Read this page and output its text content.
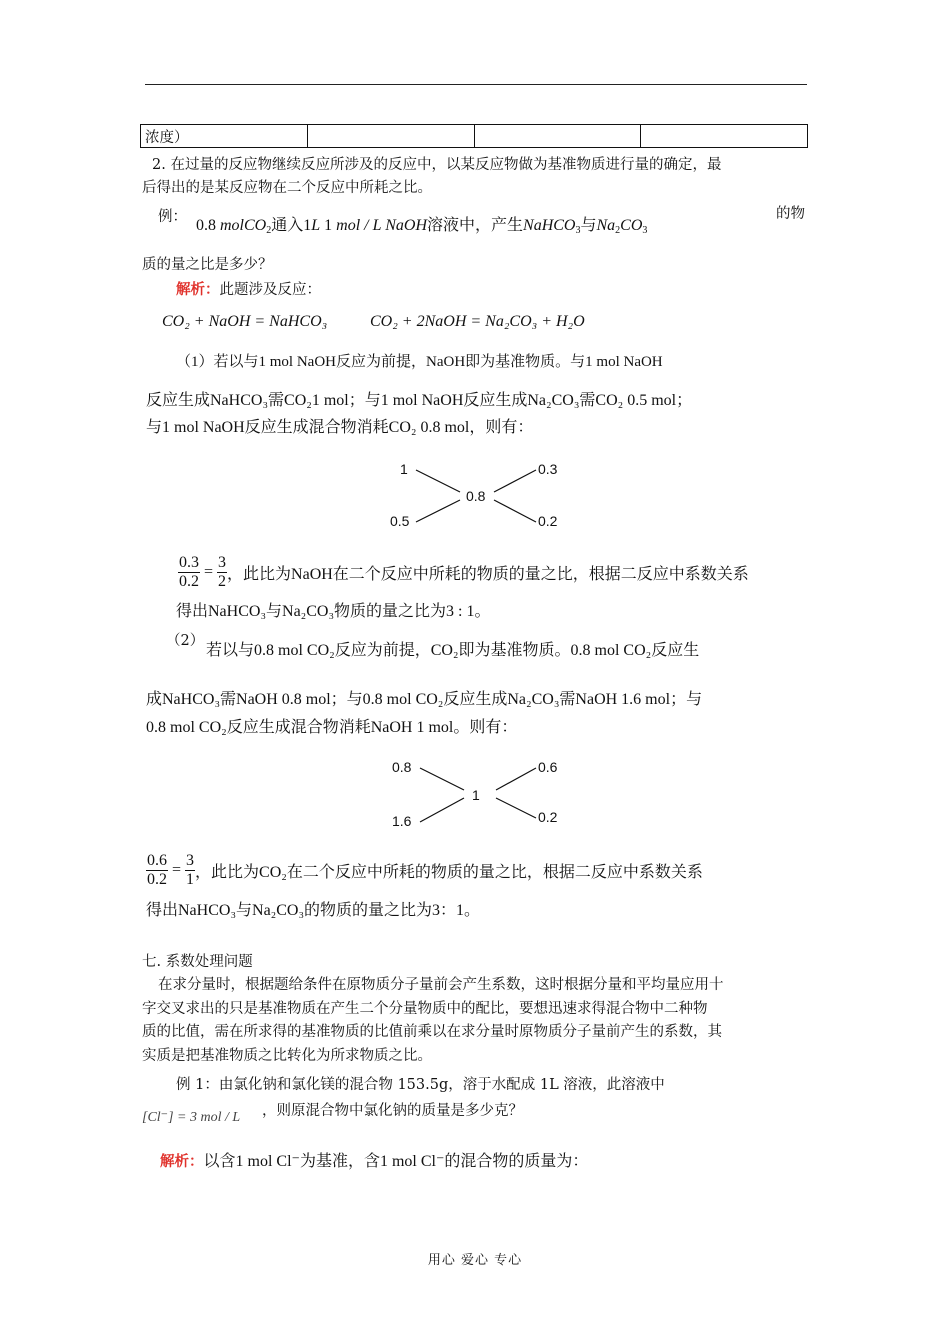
浓度）			
2. 在过量的反应物继续反应所涉及的反应中，以某反应物做为基准物质进行量的确定，最
后得出的是某反应物在二个反应中所耗之比。
例： 0.8 molCO$_2$通入1L 1 mol / L NaOH溶液中，产生NaHCO$_3$与$Na_2CO_3$
的物
质的量之比是多少？
解析：此题涉及反应：
CO₂ + NaOH = NaHCO₃	CO₂ + 2NaOH = Na₂CO₃ + H₂O
（1）若以与1 mol NaOH反应为前提，NaOH即为基准物质。与1 mol NaOH
反应生成NaHCO₃需CO₂1 mol；与1 mol NaOH反应生成Na₂CO₃需CO₂ 0.5 mol；
与1 mol NaOH反应生成混合物消耗CO₂ 0.8 mol，则有：
1
0.5
0.8
0.3
0.2
$\frac{0.3}{0.2} = \frac{3}{2}$ ，此比为NaOH在二个反应中所耗的物质的量之比，根据二反应中系数关系
得出NaHCO₃与Na₂CO₃物质的量之比为3 : 1。
（2）
若以与0.8 mol CO₂反应为前提，CO₂即为基准物质。0.8 mol CO₂反应生
成NaHCO₃需NaOH 0.8 mol；与0.8 mol CO₂反应生成Na₂CO₃需NaOH 1.6 mol；与
0.8 mol CO₂反应生成混合物消耗NaOH 1 mol。则有：
0.8
1.6
1
0.6
0.2
$\frac{0.6}{0.2} = \frac{3}{1}$ ，此比为CO₂在二个反应中所耗的物质的量之比，根据二反应中系数关系
得出NaHCO₃与Na₂CO₃的物质的量之比为3：1。
七. 系数处理问题
在求分量时，根据题给条件在原物质分子量前会产生系数，这时根据分量和平均量应用十
字交叉求出的只是基准物质在产生二个分量物质中的配比，要想迅速求得混合物中二种物
质的比值，需在所求得的基准物质的比值前乘以在求分量时原物质分子量前产生的系数，其
实质是把基准物质之比转化为所求物质之比。
例 1：由氯化钠和氯化镁的混合物 153.5g，溶于水配成 1L 溶液，此溶液中
[Cl⁻] = 3 mol / L ，则原混合物中氯化钠的质量是多少克？
解析：以含1 mol Cl⁻为基准，含1 mol Cl⁻的混合物的质量为：
用心 爱心 专心
